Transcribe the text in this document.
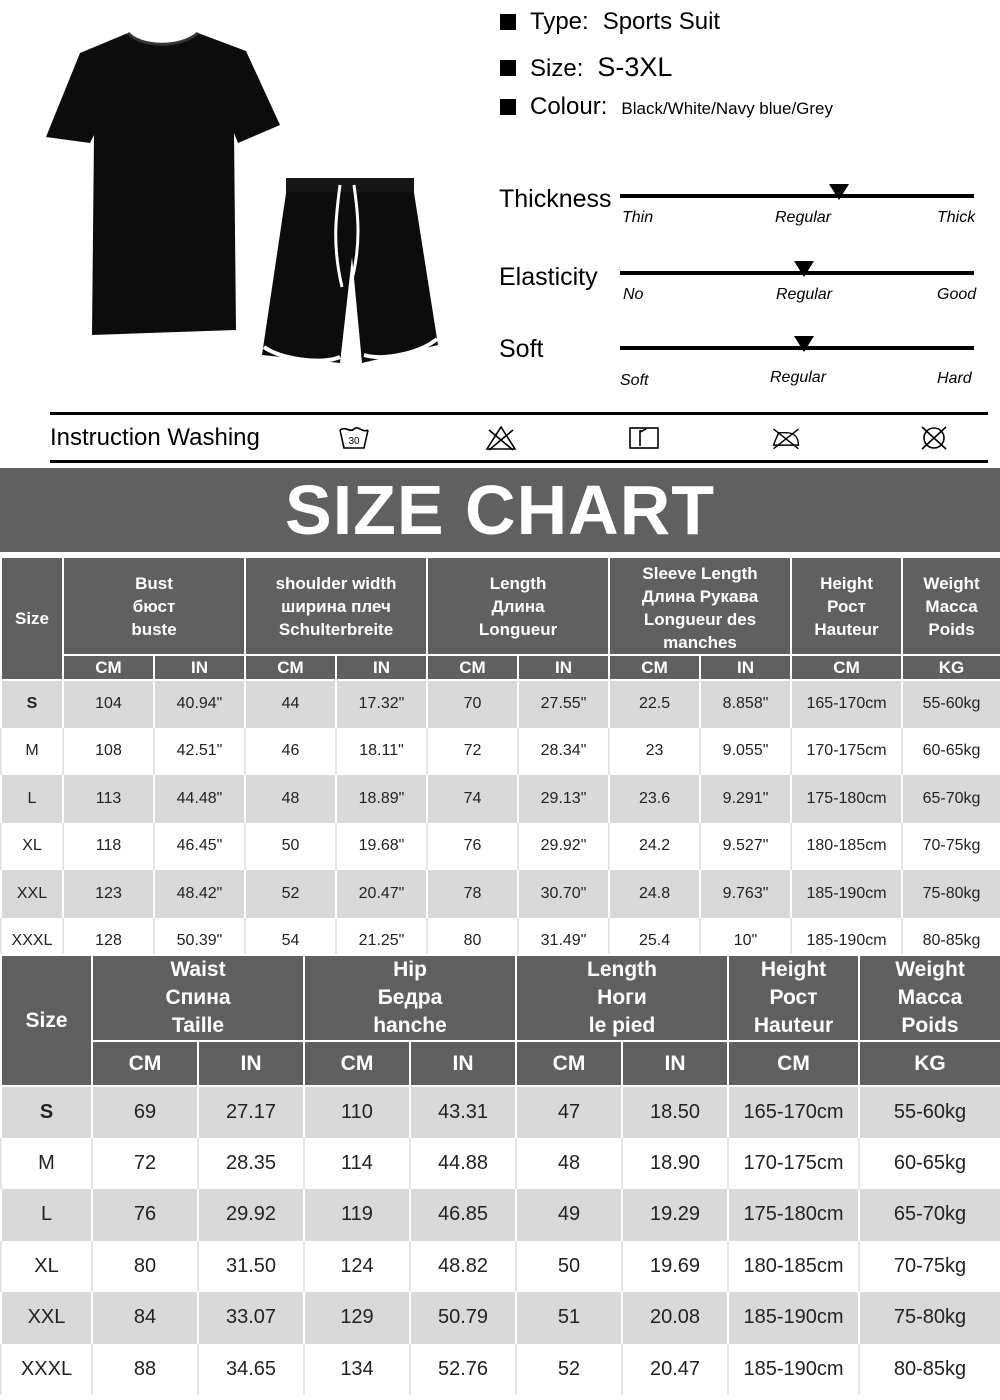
Type: Sports Suit
Size: S-3XL
Colour: Black/White/Navy blue/Grey
Thickness
Thin	Regular	Thick
Elasticity
No	Regular	Good
Soft
Soft	Regular	Hard
Instruction Washing	30
SIZE CHART
Size	Bust
бюст
buste		shoulder width
ширина плеч
Schulterbreite		Length
Длина
Longueur		Sleeve Length
Длина Рукава
Longueur des
manches		Height
Рост
Hauteur	Weight
Масса
Poids

	CM	IN	CM	IN	CM	IN	CM	IN	CM	KG
S	104	40.94"	44	17.32"	70	27.55"	22.5	8.858"	165-170cm	55-60kg
M	108	42.51"	46	18.11"	72	28.34"	23	9.055"	170-175cm	60-65kg
L	113	44.48"	48	18.89"	74	29.13"	23.6	9.291"	175-180cm	65-70kg
XL	118	46.45"	50	19.68"	76	29.92"	24.2	9.527"	180-185cm	70-75kg
XXL	123	48.42"	52	20.47"	78	30.70"	24.8	9.763"	185-190cm	75-80kg
XXXL	128	50.39"	54	21.25"	80	31.49"	25.4	10"	185-190cm	80-85kg
Size	Waist
Спина
Taille		Hip
Бедра
hanche		Length
Ноги
le pied		Height
Рост
Hauteur	Weight
Масса
Poids

	CM	IN	CM	IN	CM	IN	CM	KG
S	69	27.17	110	43.31	47	18.50	165-170cm	55-60kg
M	72	28.35	114	44.88	48	18.90	170-175cm	60-65kg
L	76	29.92	119	46.85	49	19.29	175-180cm	65-70kg
XL	80	31.50	124	48.82	50	19.69	180-185cm	70-75kg
XXL	84	33.07	129	50.79	51	20.08	185-190cm	75-80kg
XXXL	88	34.65	134	52.76	52	20.47	185-190cm	80-85kg
